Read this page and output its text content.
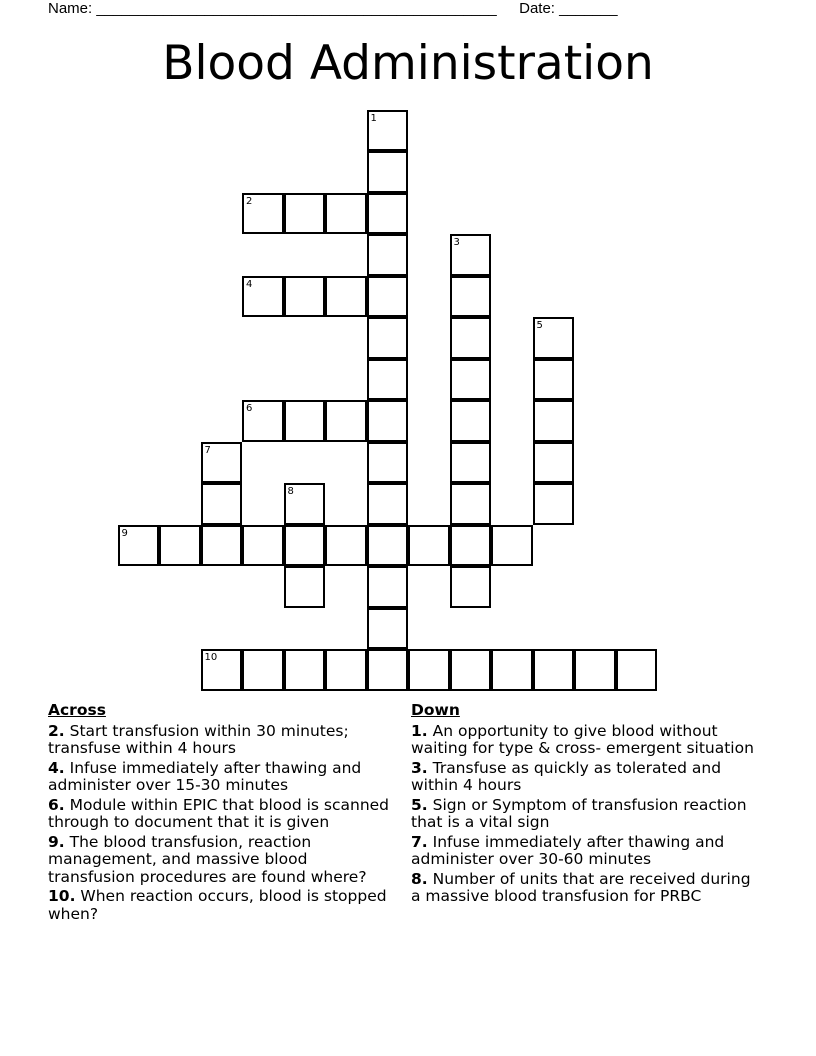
Name: ________________________________________________ Date: _______
Blood Administration
1
2
3
4
5
6
7
8
9
10
Across
2. Start transfusion within 30 minutes; transfuse within 4 hours
4. Infuse immediately after thawing and administer over 15-30 minutes
6. Module within EPIC that blood is scanned through to document that it is given
9. The blood transfusion, reaction management, and massive blood transfusion procedures are found where?
10. When reaction occurs, blood is stopped when?
Down
1. An opportunity to give blood without waiting for type & cross- emergent situation
3. Transfuse as quickly as tolerated and within 4 hours
5. Sign or Symptom of transfusion reaction that is a vital sign
7. Infuse immediately after thawing and administer over 30-60 minutes
8. Number of units that are received during a massive blood transfusion for PRBC
